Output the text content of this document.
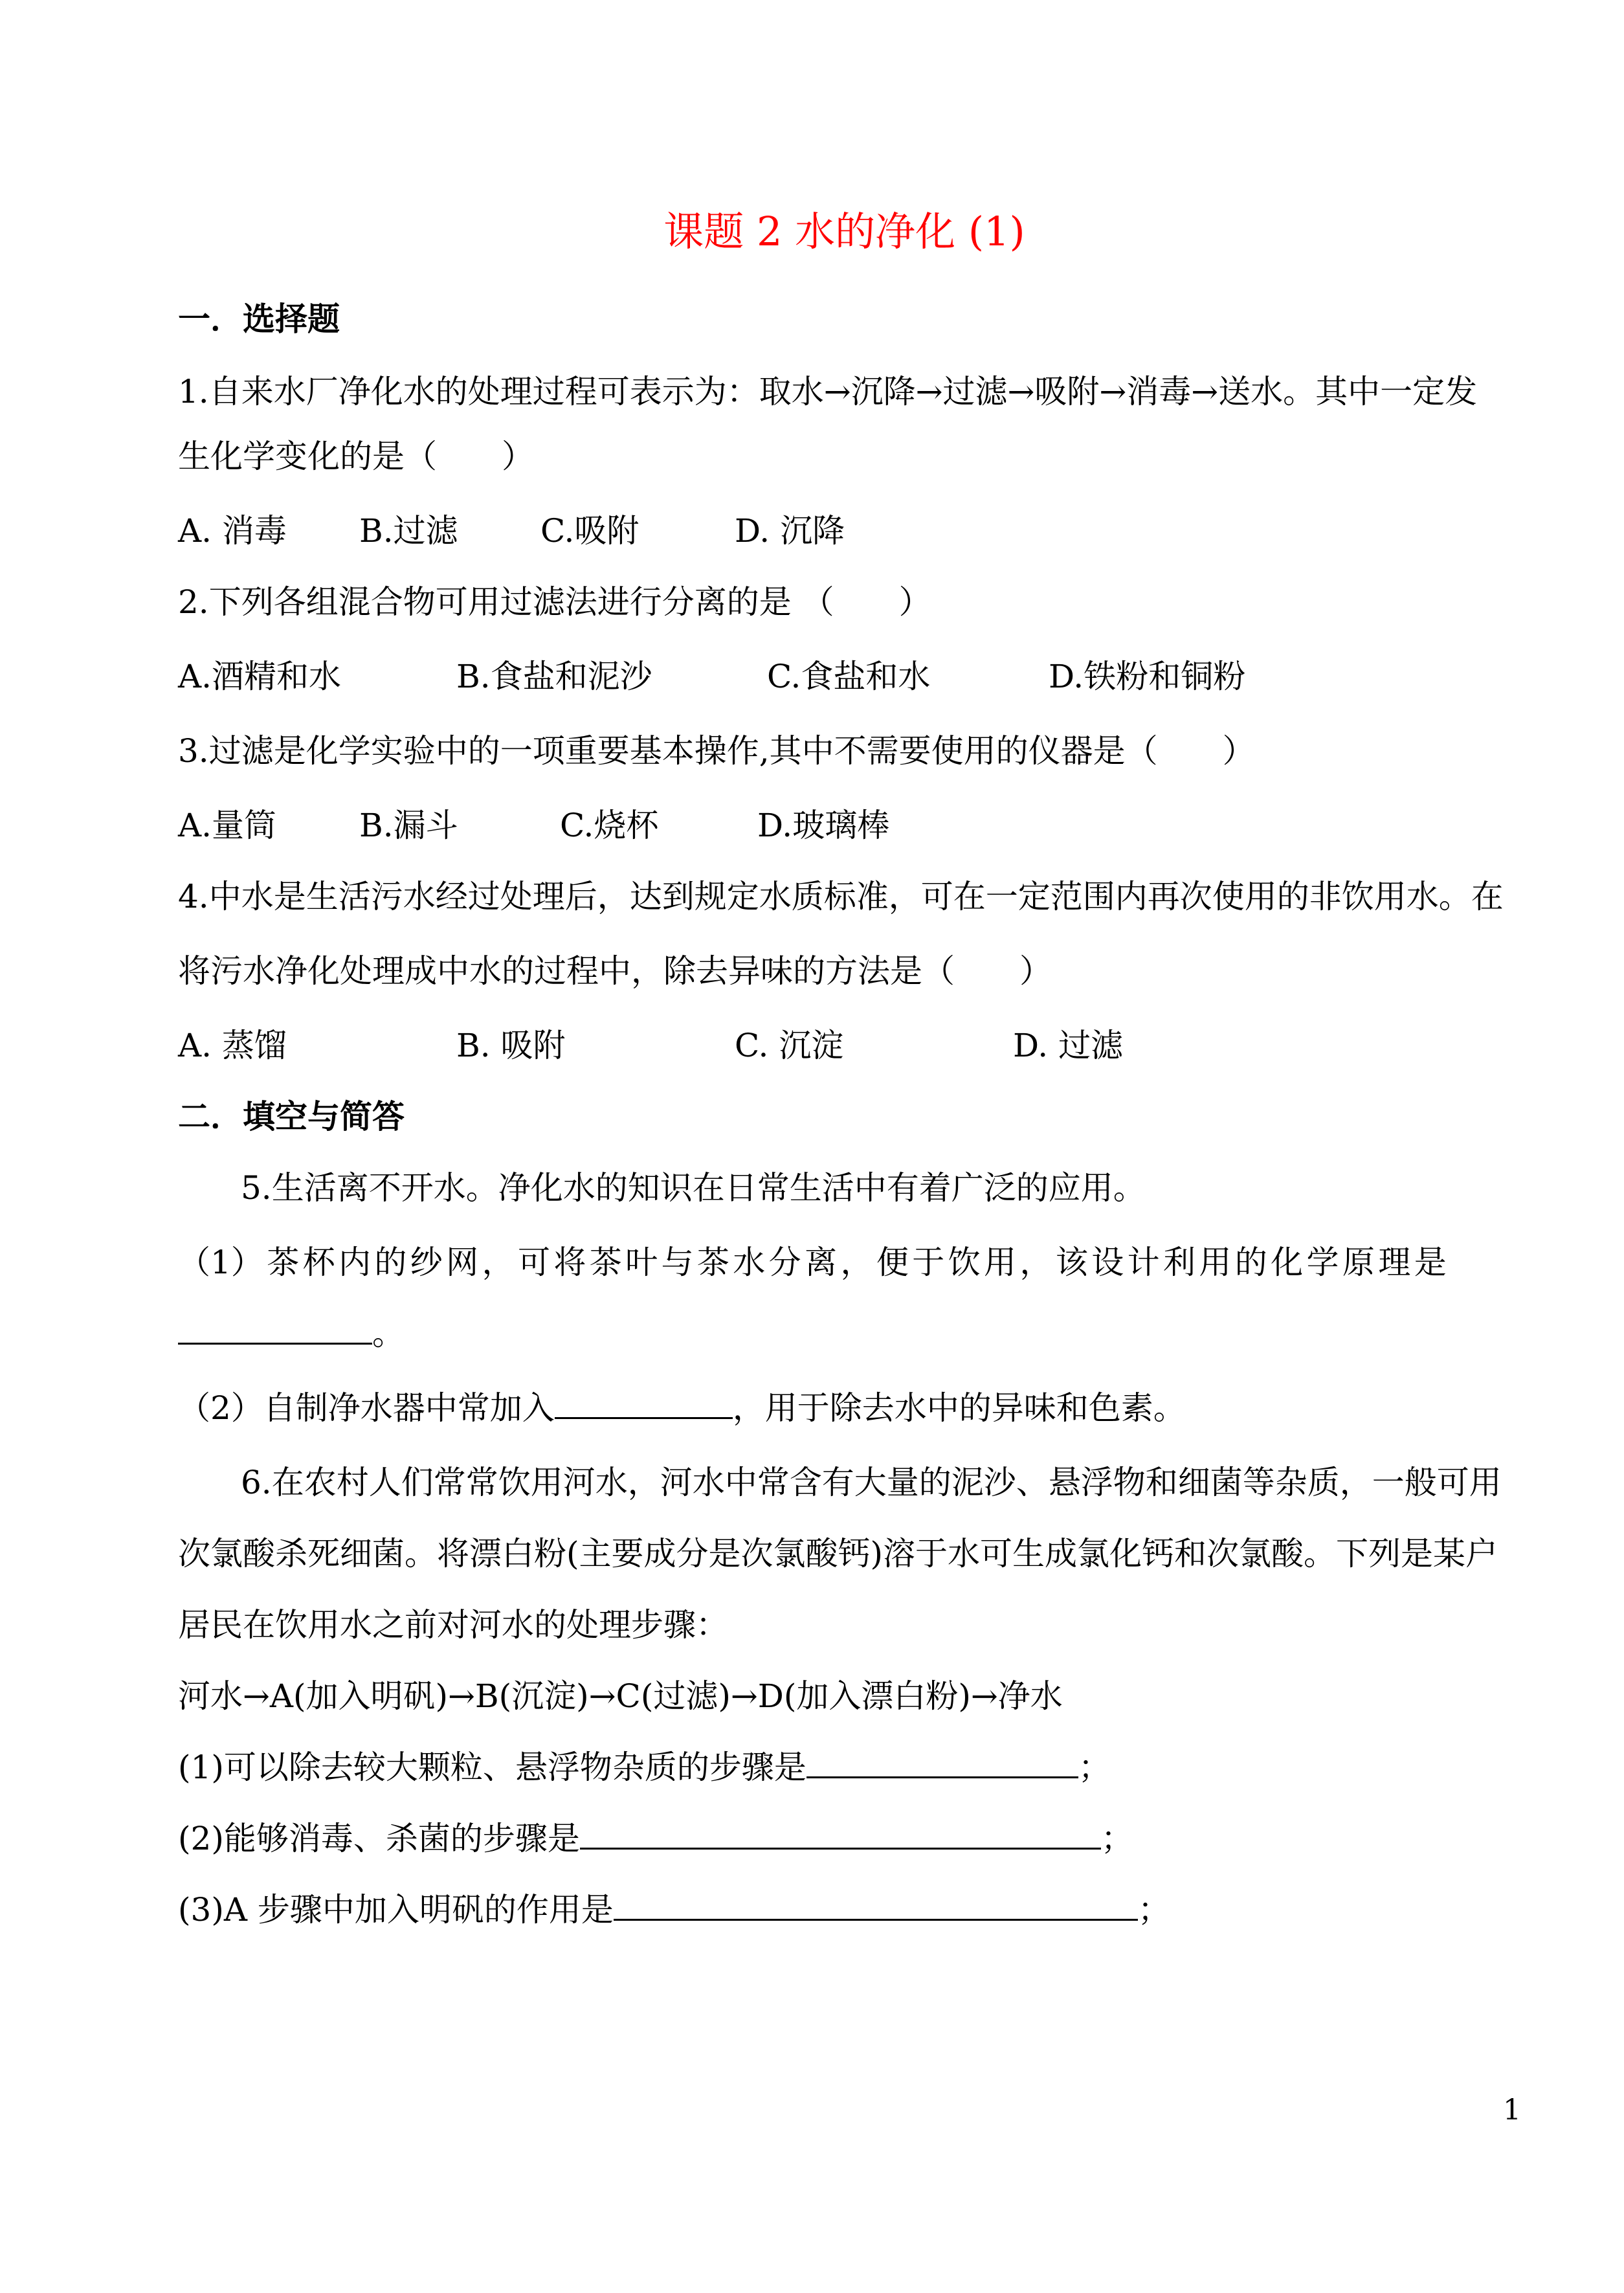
课题 2 水的净化 (1)
一．选择题
1.自来水厂净化水的处理过程可表示为：取水→沉降→过滤→吸附→消毒→送水。其中一定发
生化学变化的是（　　）
A. 消毒 B.过滤	C.吸附	D. 沉降
2.下列各组混合物可用过滤法进行分离的是 （　　）
A.酒精和水	B.食盐和泥沙	C.食盐和水	D.铁粉和铜粉
3.过滤是化学实验中的一项重要基本操作,其中不需要使用的仪器是（　　）
A.量筒	B.漏斗	C.烧杯	D.玻璃棒
4.中水是生活污水经过处理后，达到规定水质标准，可在一定范围内再次使用的非饮用水。在
将污水净化处理成中水的过程中，除去异味的方法是（　　）
A. 蒸馏	B. 吸附	C. 沉淀	D. 过滤
二．填空与简答
5.生活离不开水。净化水的知识在日常生活中有着广泛的应用。
（1） 茶 杯 内 的 纱 网 ， 可 将 茶 叶 与 茶 水 分 离 ， 便 于 饮 用 ， 该 设 计 利 用 的 化 学 原 理 是
。
（2）自制净水器中常加入	，用于除去水中的异味和色素。
6.在农村人们常常饮用河水，河水中常含有大量的泥沙、悬浮物和细菌等杂质，一般可用
次氯酸杀死细菌。将漂白粉(主要成分是次氯酸钙)溶于水可生成氯化钙和次氯酸。下列是某户
居民在饮用水之前对河水的处理步骤：
河水→A(加入明矾)→B(沉淀)→C(过滤)→D(加入漂白粉)→净水
(1)可以除去较大颗粒、悬浮物杂质的步骤是	；
(2)能够消毒、杀菌的步骤是	；
(3)A 步骤中加入明矾的作用是	；
1
